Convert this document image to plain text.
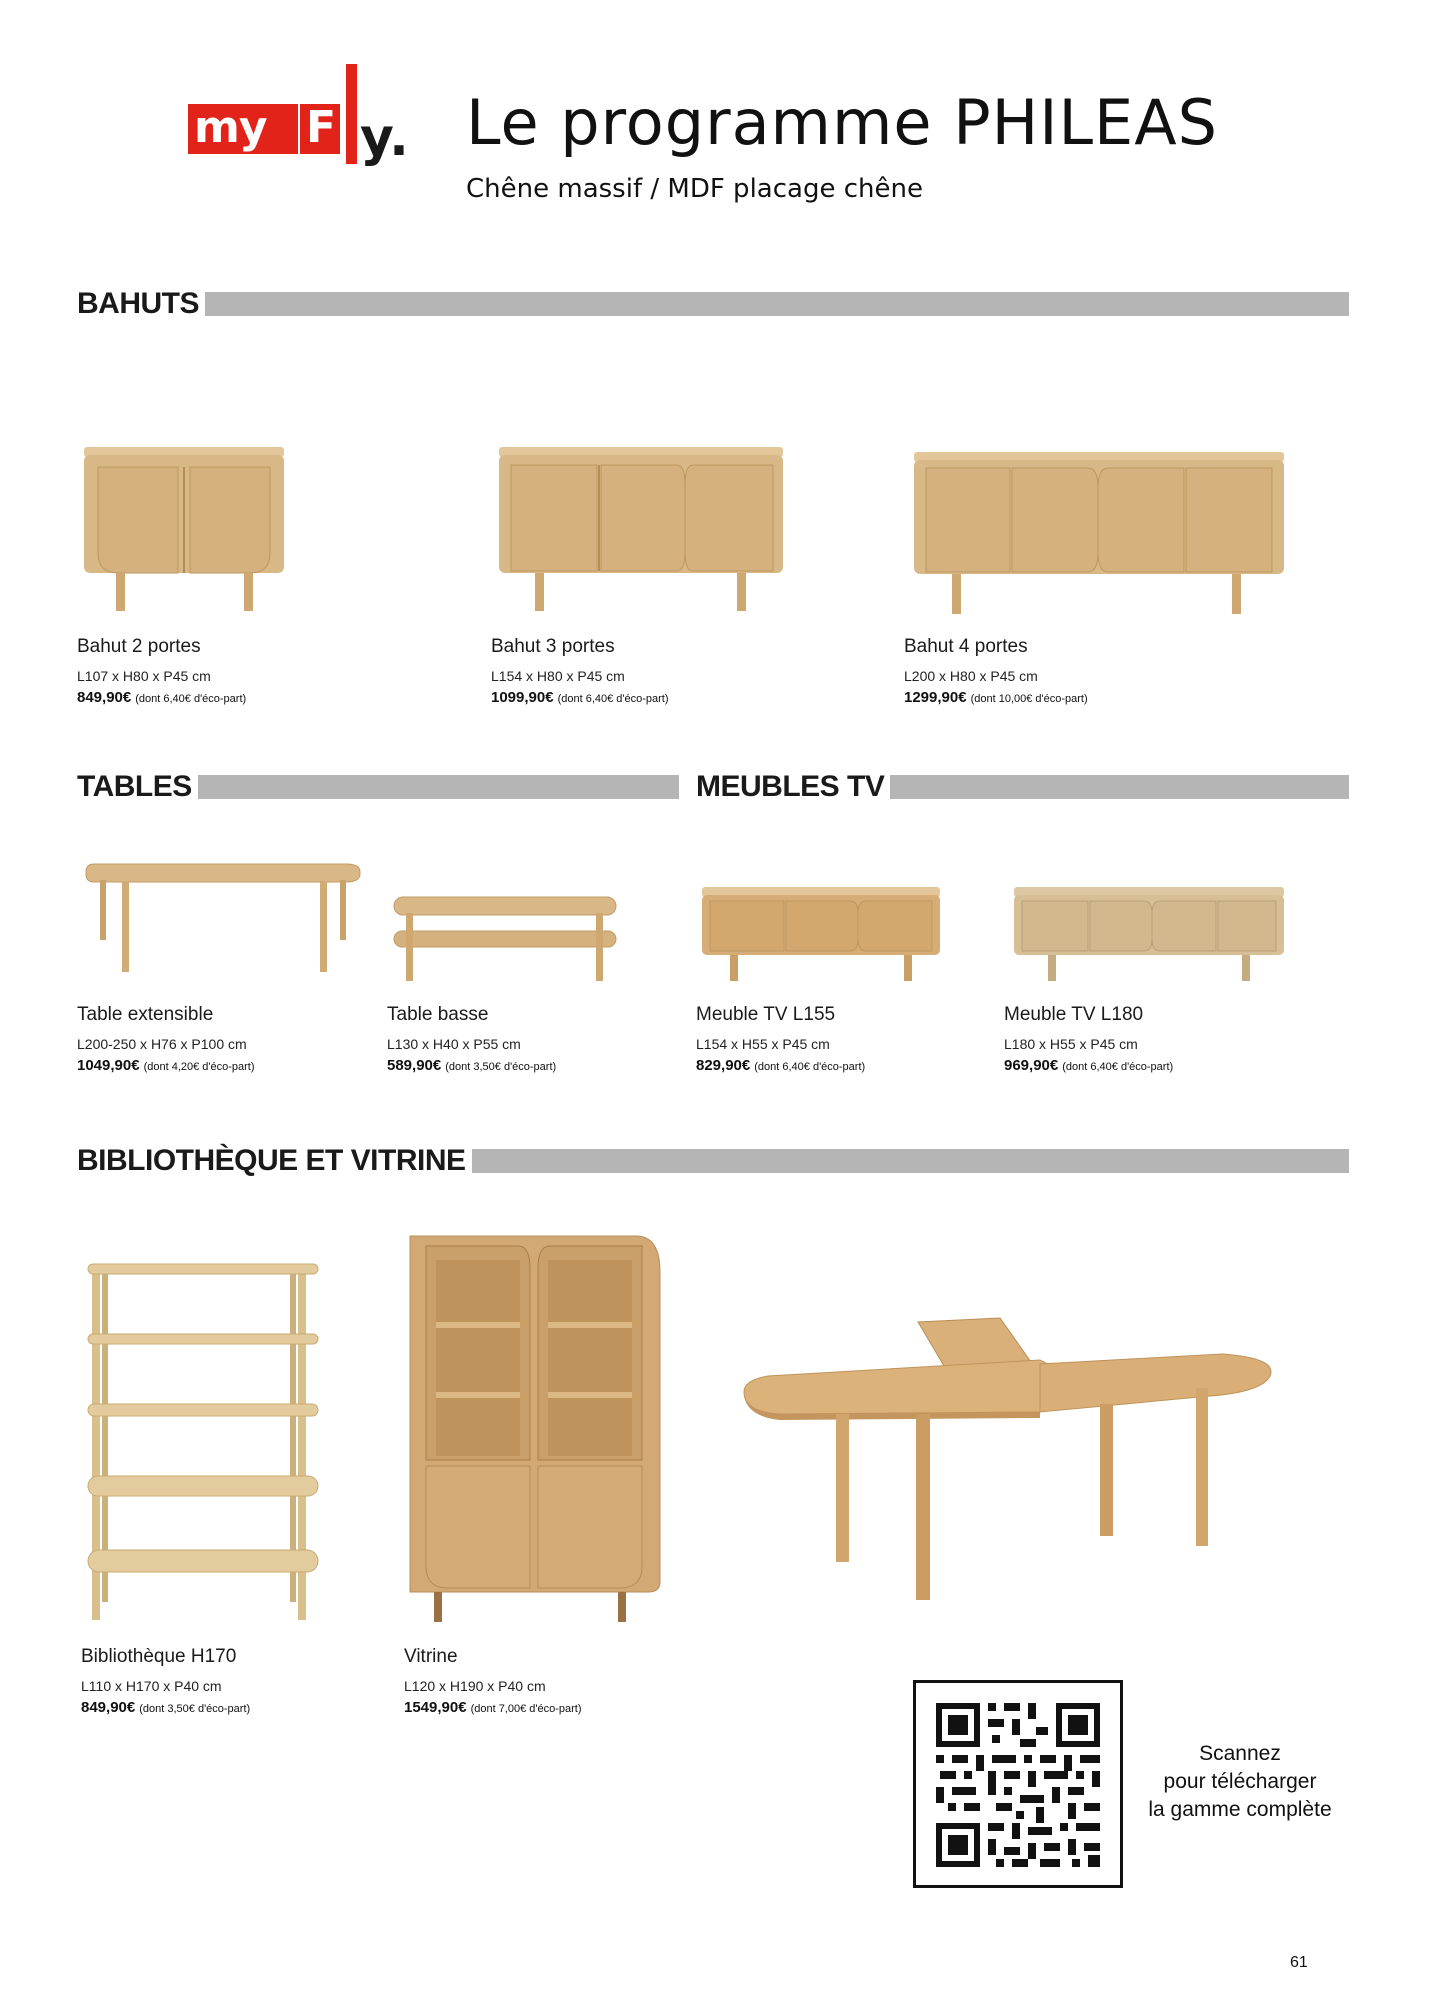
my F y. Le programme PHILEAS
Chêne massif / MDF placage chêne
BAHUTS
Bahut 2 portes
L107 x H80 x P45 cm
849,90€ (dont 6,40€ d'éco-part)
Bahut 3 portes
L154 x H80 x P45 cm
1099,90€ (dont 6,40€ d'éco-part)
Bahut 4 portes
L200 x H80 x P45 cm
1299,90€ (dont 10,00€ d'éco-part)
TABLES	MEUBLES TV
Table extensible
L200-250 x H76 x P100 cm
1049,90€ (dont 4,20€ d'éco-part)
Table basse
L130 x H40 x P55 cm
589,90€ (dont 3,50€ d'éco-part)
Meuble TV L155
L154 x H55 x P45 cm
829,90€ (dont 6,40€ d'éco-part)
Meuble TV L180
L180 x H55 x P45 cm
969,90€ (dont 6,40€ d'éco-part)
BIBLIOTHÈQUE ET VITRINE
Bibliothèque H170
L110 x H170 x P40 cm
849,90€ (dont 3,50€ d'éco-part)
Vitrine
L120 x H190 x P40 cm
1549,90€ (dont 7,00€ d'éco-part)
Scannez
pour télécharger
la gamme complète
61
